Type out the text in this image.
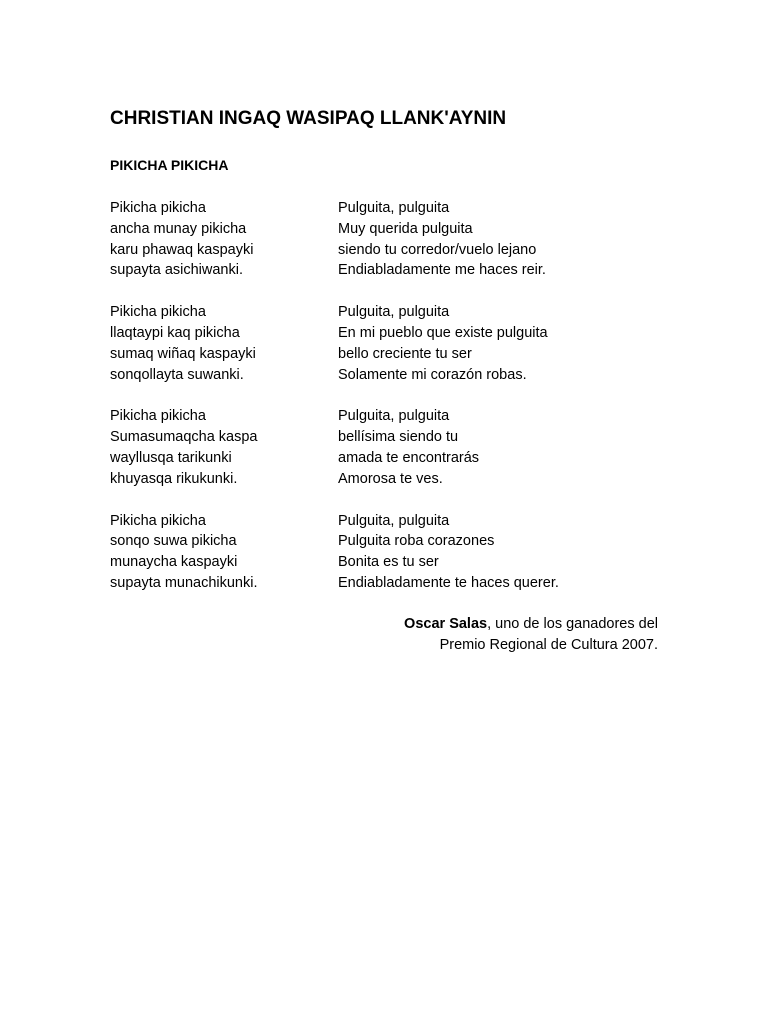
CHRISTIAN INGAQ WASIPAQ LLANK'AYNIN
PIKICHA PIKICHA
Pikicha pikicha
ancha munay pikicha
karu phawaq kaspayki
supayta asichiwanki.
Pulguita, pulguita
Muy querida pulguita
siendo tu corredor/vuelo lejano
Endiabladamente me haces reir.
Pikicha pikicha
llaqtaypi kaq pikicha
sumaq wiñaq kaspayki
sonqollayta suwanki.
Pulguita, pulguita
En mi pueblo que existe pulguita
bello creciente tu ser
Solamente mi corazón robas.
Pikicha pikicha
Sumasumaqcha kaspa
wayllusqa tarikunki
khuyasqa rikukunki.
Pulguita, pulguita
bellísima siendo tu
amada te encontrarás
Amorosa te ves.
Pikicha pikicha
sonqo suwa pikicha
munaycha kaspayki
supayta munachikunki.
Pulguita, pulguita
Pulguita roba corazones
Bonita es tu ser
Endiabladamente te haces querer.
Oscar Salas, uno de los ganadores del
Premio Regional de Cultura 2007.
